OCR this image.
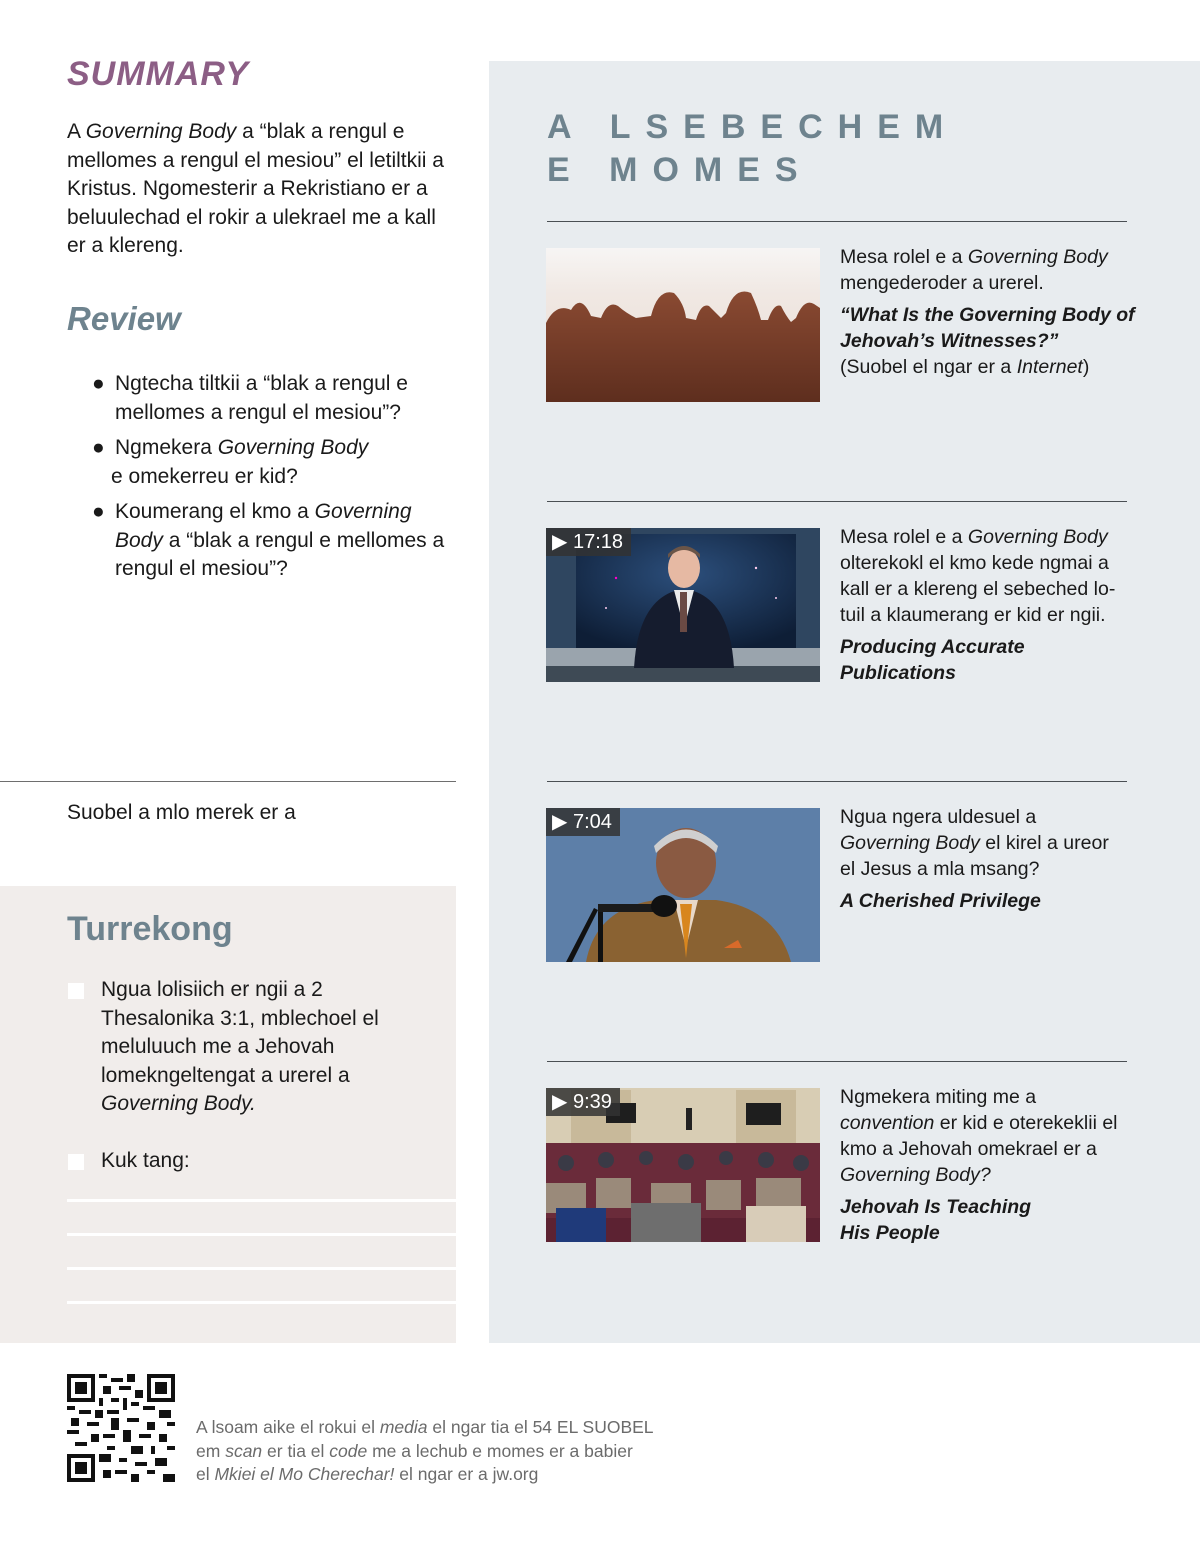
SUMMARY
A Governing Body a “blak a rengul e mellomes a rengul el mesiou” el letiltkii a Kristus. Ngomesterir a Rekristiano er a beluulechad el rokir a ulekrael me a kall er a klereng.
Review
● Ngtecha tiltkii a “blak a rengul e mellomes a rengul el mesiou”?
● Ngmekera Governing Body
e omekerreu er kid?
● Koumerang el kmo a Governing Body a “blak a rengul e mellomes a rengul el mesiou”?
Suobel a mlo merek er a
Turrekong
Ngua lolisiich er ngii a 2 Thesalonika 3:1, mblechoel el meluluuch me a Jehovah lomekngeltengat a urerel a Governing Body.
Kuk tang:
A LSEBECHEM
E MOMES
Mesa rolel e a Governing Body mengederoder a urerel.
“What Is the Governing Body of Jehovah’s Witnesses?”
(Suobel el ngar er a Internet)
▶ 17:18	Mesa rolel e a Governing Body olterekokl el kmo kede ngmai a kall er a klereng el sebeched lo-tuil a klaumerang er kid er ngii.
Producing Accurate Publications
▶ 7:04	Ngua ngera uldesuel a Governing Body el kirel a ureor el Jesus a mla msang?
A Cherished Privilege
▶ 9:39	Ngmekera miting me a convention er kid e oterekeklii el kmo a Jehovah omekrael er a Governing Body?
Jehovah Is Teaching His People
A lsoam aike el rokui el media el ngar tia el 54 EL SUOBEL
em scan er tia el code me a lechub e momes er a babier
el Mkiei el Mo Cherechar! el ngar er a jw.org
